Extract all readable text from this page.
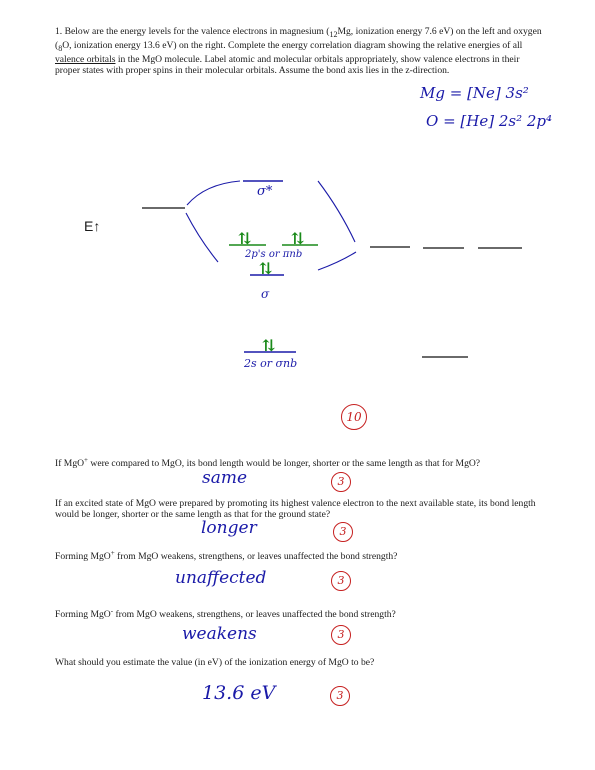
1. Below are the energy levels for the valence electrons in magnesium ($_{12}Mg$, ionization energy 7.6 eV) on the left and oxygen ($_8O$, ionization energy 13.6 eV) on the right. Complete the energy correlation diagram showing the relative energies of all valence orbitals in the MgO molecule. Label atomic and molecular orbitals appropriately, show valence electrons in their proper states with proper spins in their molecular orbitals. Assume the bond axis lies in the z-direction.
Mg = [Ne] 3s²
O = [He] 2s² 2p⁴
E↑
⇅ ⇅
⇅
⇅
σ*
2p's or πnb
σ
2s or σnb
10
If MgO+ were compared to MgO, its bond length would be longer, shorter or the same length as that for MgO?
same	3
If an excited state of MgO were prepared by promoting its highest valence electron to the next available state, its bond length would be longer, shorter or the same length as that for the ground state?
longer	3
Forming MgO+ from MgO weakens, strengthens, or leaves unaffected the bond strength?
unaffected	3
Forming MgO- from MgO weakens, strengthens, or leaves unaffected the bond strength?
weakens	3
What should you estimate the value (in eV) of the ionization energy of MgO to be?
13.6 eV	3
